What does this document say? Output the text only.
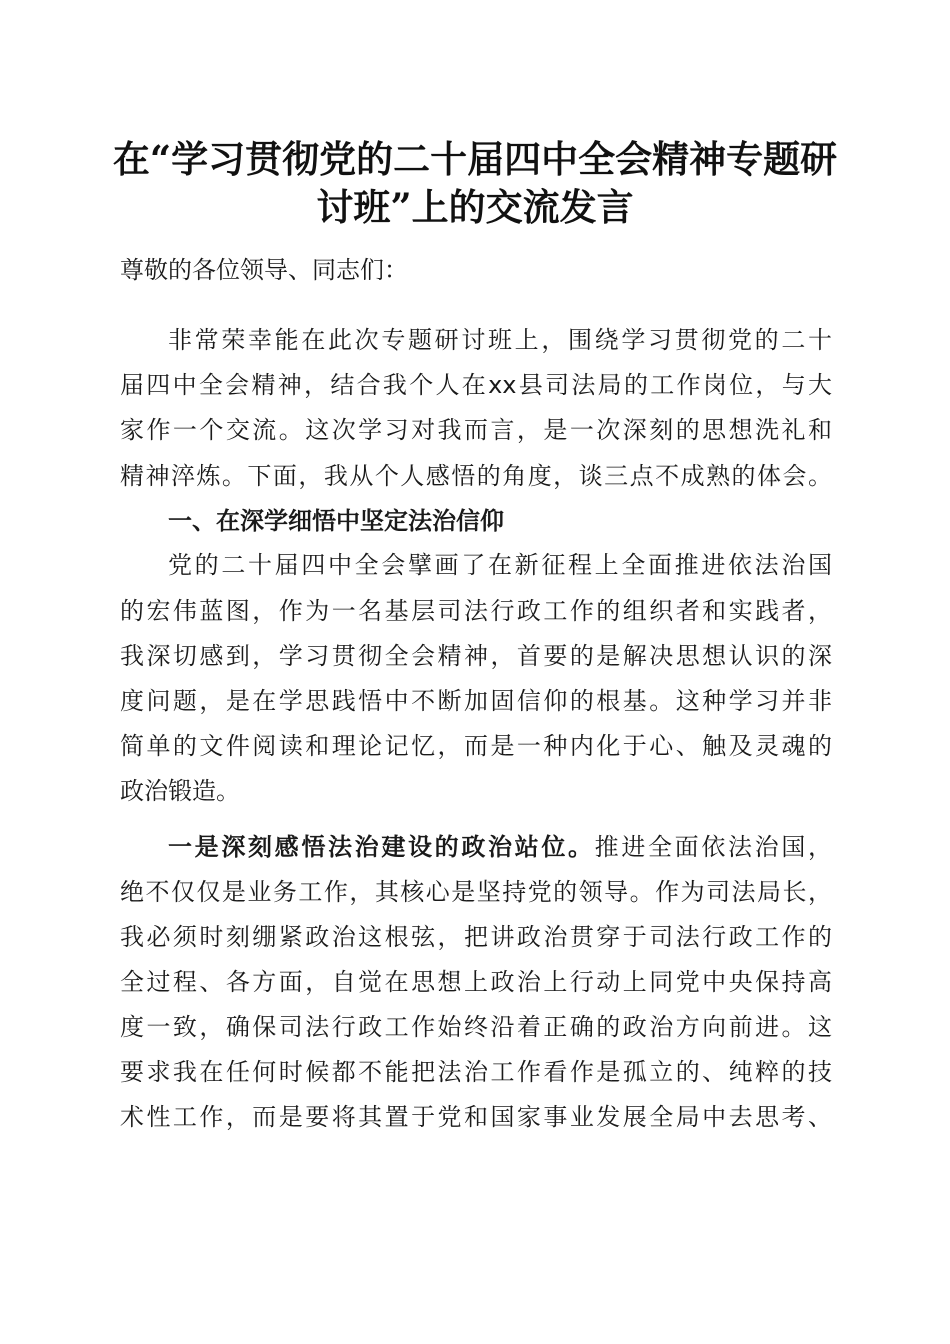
在“学习贯彻党的二十届四中全会精神专题研
讨班”上的交流发言
尊敬的各位领导、同志们：
非常荣幸能在此次专题研讨班上，围绕学习贯彻党的二十
届四中全会精神，结合我个人在xx县司法局的工作岗位，与大
家作一个交流。这次学习对我而言，是一次深刻的思想洗礼和
精神淬炼。下面，我从个人感悟的角度，谈三点不成熟的体会。
一、在深学细悟中坚定法治信仰
党的二十届四中全会擘画了在新征程上全面推进依法治国
的宏伟蓝图，作为一名基层司法行政工作的组织者和实践者，
我深切感到，学习贯彻全会精神，首要的是解决思想认识的深
度问题，是在学思践悟中不断加固信仰的根基。这种学习并非
简单的文件阅读和理论记忆，而是一种内化于心、触及灵魂的
政治锻造。
一是深刻感悟法治建设的政治站位。推进全面依法治国，
绝不仅仅是业务工作，其核心是坚持党的领导。作为司法局长，
我必须时刻绷紧政治这根弦，把讲政治贯穿于司法行政工作的
全过程、各方面，自觉在思想上政治上行动上同党中央保持高
度一致，确保司法行政工作始终沿着正确的政治方向前进。这
要求我在任何时候都不能把法治工作看作是孤立的、纯粹的技
术性工作，而是要将其置于党和国家事业发展全局中去思考、
